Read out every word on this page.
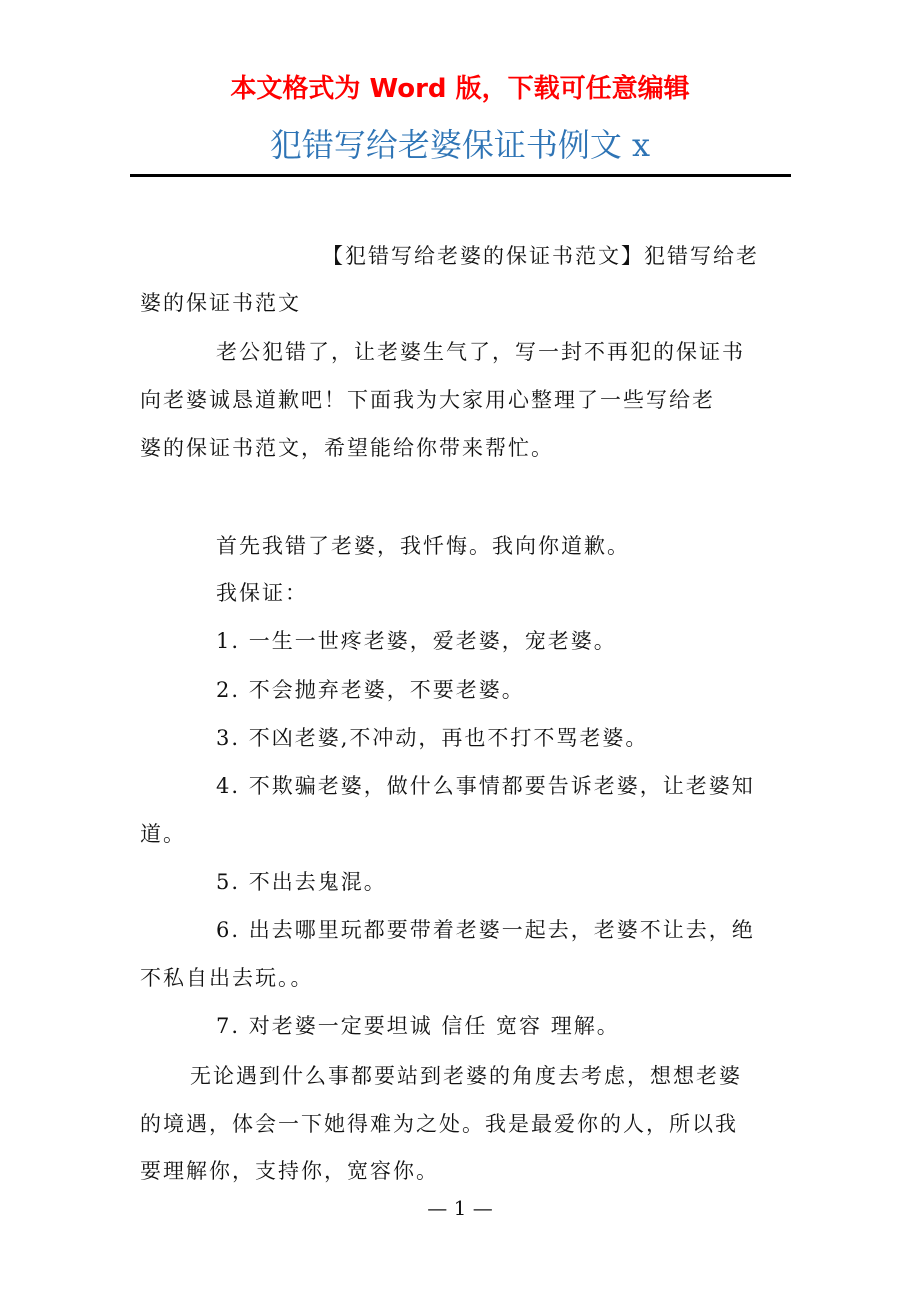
本文格式为 Word 版，下载可任意编辑
犯错写给老婆保证书例文 x
【犯错写给老婆的保证书范文】犯错写给老
婆的保证书范文
老公犯错了，让老婆生气了，写一封不再犯的保证书
向老婆诚恳道歉吧！下面我为大家用心整理了一些写给老
婆的保证书范文，希望能给你带来帮忙。
首先我错了老婆，我忏悔。我向你道歉。
我保证：
1. 一生一世疼老婆，爱老婆，宠老婆。
2. 不会抛弃老婆，不要老婆。
3. 不凶老婆,不冲动，再也不打不骂老婆。
4. 不欺骗老婆，做什么事情都要告诉老婆，让老婆知
道。
5. 不出去鬼混。
6. 出去哪里玩都要带着老婆一起去，老婆不让去，绝
不私自出去玩。。
7. 对老婆一定要坦诚 信任 宽容 理解。
无论遇到什么事都要站到老婆的角度去考虑，想想老婆
的境遇，体会一下她得难为之处。我是最爱你的人，所以我
要理解你，支持你，宽容你。
— 1 —
